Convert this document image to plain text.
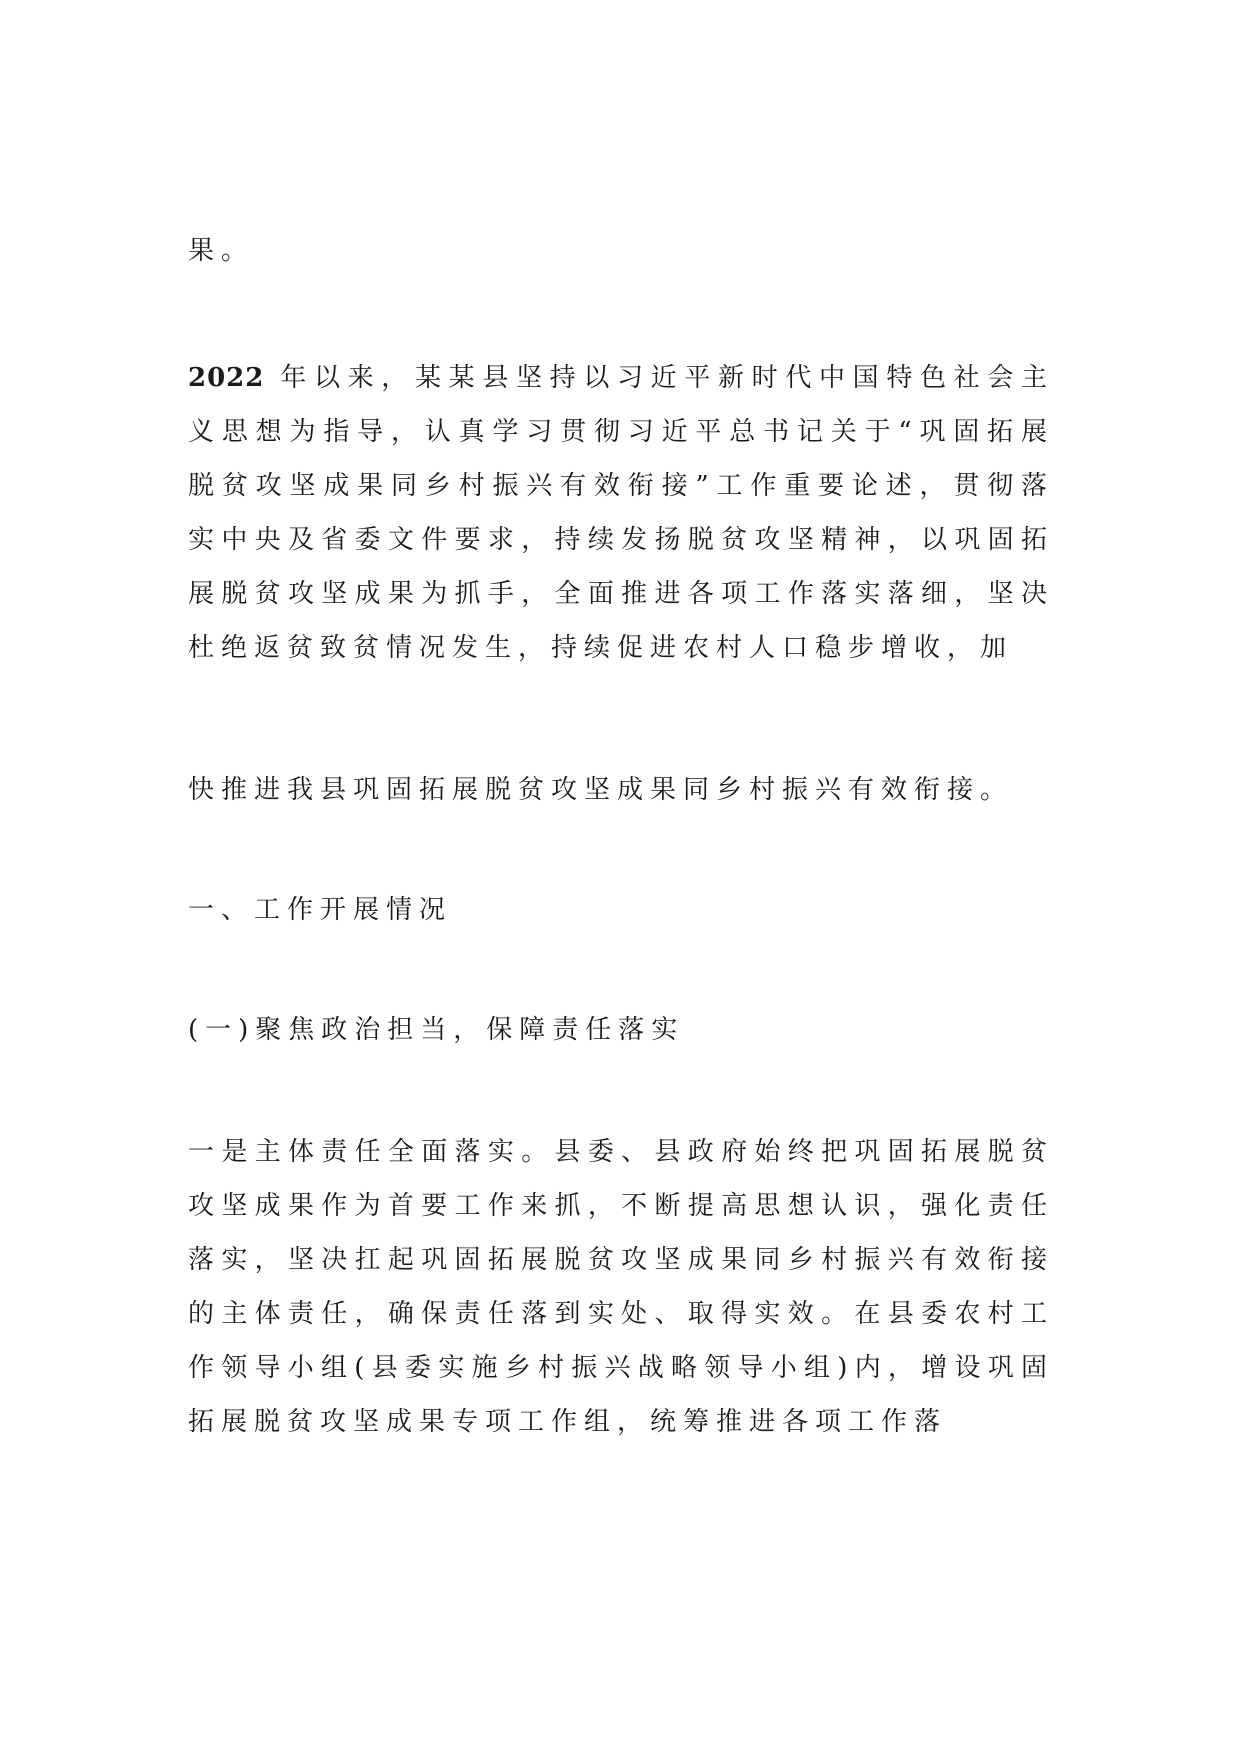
果。

2022 年以来，某某县坚持以习近平新时代中国特色社会主义思想为指导，认真学习贯彻习近平总书记关于“巩固拓展脱贫攻坚成果同乡村振兴有效衔接”工作重要论述，贯彻落实中央及省委文件要求，持续发扬脱贫攻坚精神，以巩固拓展脱贫攻坚成果为抓手，全面推进各项工作落实落细，坚决杜绝返贫致贫情况发生，持续促进农村人口稳步增收，加

快推进我县巩固拓展脱贫攻坚成果同乡村振兴有效衔接。

一、工作开展情况

(一)聚焦政治担当，保障责任落实

一是主体责任全面落实。县委、县政府始终把巩固拓展脱贫攻坚成果作为首要工作来抓，不断提高思想认识，强化责任落实，坚决扛起巩固拓展脱贫攻坚成果同乡村振兴有效衔接的主体责任，确保责任落到实处、取得实效。在县委农村工作领导小组(县委实施乡村振兴战略领导小组)内，增设巩固拓展脱贫攻坚成果专项工作组，统筹推进各项工作落
